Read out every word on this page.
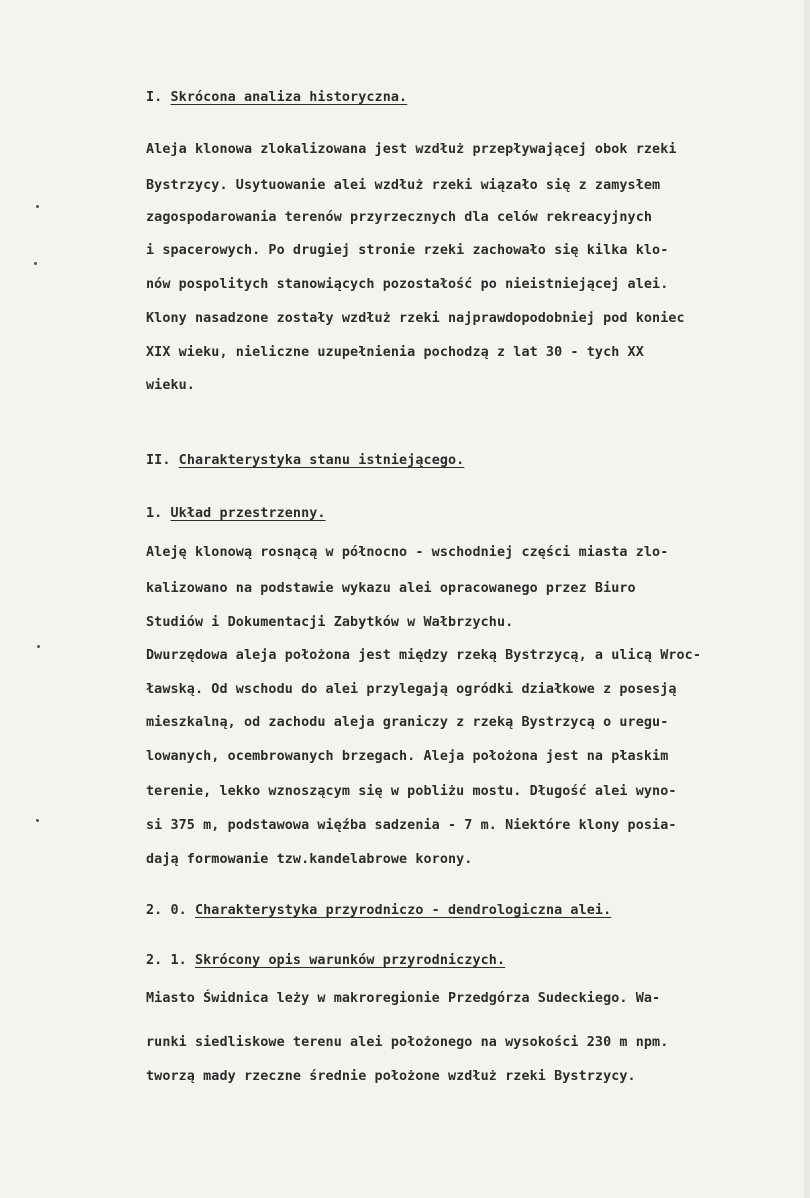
I. Skrócona analiza historyczna.
Aleja klonowa zlokalizowana jest wzdłuż przepływającej obok rzeki
Bystrzycy. Usytuowanie alei wzdłuż rzeki wiązało się z zamysłem
zagospodarowania terenów przyrzecznych dla celów rekreacyjnych
i spacerowych. Po drugiej stronie rzeki zachowało się kilka klo-
nów pospolitych stanowiących pozostałość po nieistniejącej alei.
Klony nasadzone zostały wzdłuż rzeki najprawdopodobniej pod koniec
XIX wieku, nieliczne uzupełnienia pochodzą z lat 30 - tych XX
wieku.
II. Charakterystyka stanu istniejącego.
1. Układ przestrzenny.
Aleję klonową rosnącą w północno - wschodniej części miasta zlo-
kalizowano na podstawie wykazu alei opracowanego przez Biuro
Studiów i Dokumentacji Zabytków w Wałbrzychu.
Dwurzędowa aleja położona jest między rzeką Bystrzycą, a ulicą Wroc-
ławską. Od wschodu do alei przylegają ogródki działkowe z posesją
mieszkalną, od zachodu aleja graniczy z rzeką Bystrzycą o uregu-
lowanych, ocembrowanych brzegach. Aleja położona jest na płaskim
terenie, lekko wznoszącym się w pobliżu mostu. Długość alei wyno-
si 375 m, podstawowa więźba sadzenia - 7 m. Niektóre klony posia-
dają formowanie tzw.kandelabrowe korony.
2. 0. Charakterystyka przyrodniczo - dendrologiczna alei.
2. 1. Skrócony opis warunków przyrodniczych.
Miasto Świdnica leży w makroregionie Przedgórza Sudeckiego. Wa-
runki siedliskowe terenu alei położonego na wysokości 230 m npm.
tworzą mady rzeczne średnie położone wzdłuż rzeki Bystrzycy.
